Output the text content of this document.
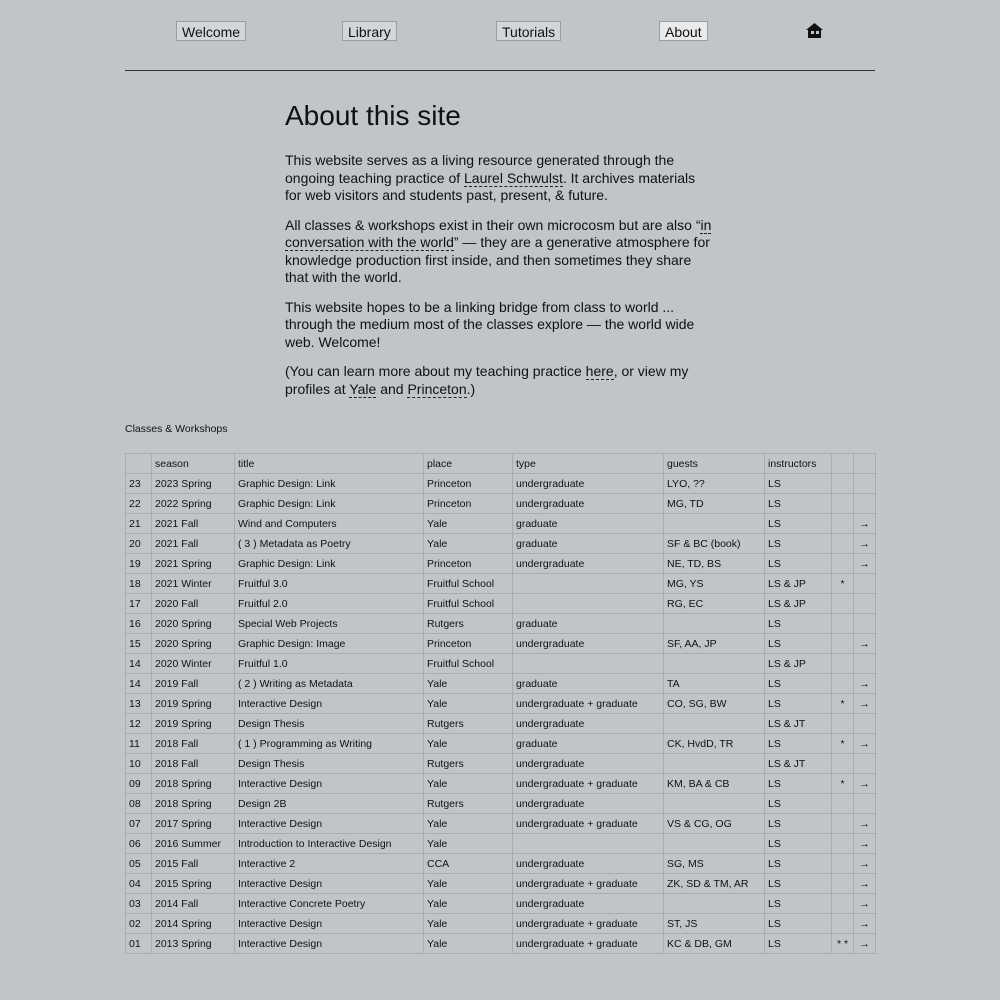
Welcome	Library	Tutorials	About
About this site

This website serves as a living resource generated through the ongoing teaching practice of Laurel Schwulst. It archives materials for web visitors and students past, present, & future.

All classes & workshops exist in their own microcosm but are also “in conversation with the world” — they are a generative atmosphere for knowledge production first inside, and then sometimes they share that with the world.

This website hopes to be a linking bridge from class to world ... through the medium most of the classes explore — the world wide web. Welcome!

(You can learn more about my teaching practice here, or view my profiles at Yale and Princeton.)

Classes & Workshops
	season	title	place	type	guests	instructors		
23	2023 Spring	Graphic Design: Link	Princeton	undergraduate	LYO, ??	LS		
22	2022 Spring	Graphic Design: Link	Princeton	undergraduate	MG, TD	LS		
21	2021 Fall	Wind and Computers	Yale	graduate		LS		→
20	2021 Fall	( 3 ) Metadata as Poetry	Yale	graduate	SF & BC (book)	LS		→
19	2021 Spring	Graphic Design: Link	Princeton	undergraduate	NE, TD, BS	LS		→
18	2021 Winter	Fruitful 3.0	Fruitful School		MG, YS	LS & JP	*	
17	2020 Fall	Fruitful 2.0	Fruitful School		RG, EC	LS & JP		
16	2020 Spring	Special Web Projects	Rutgers	graduate		LS		
15	2020 Spring	Graphic Design: Image	Princeton	undergraduate	SF, AA, JP	LS		→
14	2020 Winter	Fruitful 1.0	Fruitful School			LS & JP		
14	2019 Fall	( 2 ) Writing as Metadata	Yale	graduate	TA	LS		→
13	2019 Spring	Interactive Design	Yale	undergraduate + graduate	CO, SG, BW	LS	*	→
12	2019 Spring	Design Thesis	Rutgers	undergraduate		LS & JT		
11	2018 Fall	( 1 ) Programming as Writing	Yale	graduate	CK, HvdD, TR	LS	*	→
10	2018 Fall	Design Thesis	Rutgers	undergraduate		LS & JT		
09	2018 Spring	Interactive Design	Yale	undergraduate + graduate	KM, BA & CB	LS	*	→
08	2018 Spring	Design 2B	Rutgers	undergraduate		LS		
07	2017 Spring	Interactive Design	Yale	undergraduate + graduate	VS & CG, OG	LS		→
06	2016 Summer	Introduction to Interactive Design	Yale			LS		→
05	2015 Fall	Interactive 2	CCA	undergraduate	SG, MS	LS		→
04	2015 Spring	Interactive Design	Yale	undergraduate + graduate	ZK, SD & TM, AR	LS		→
03	2014 Fall	Interactive Concrete Poetry	Yale	undergraduate		LS		→
02	2014 Spring	Interactive Design	Yale	undergraduate + graduate	ST, JS	LS		→
01	2013 Spring	Interactive Design	Yale	undergraduate + graduate	KC & DB, GM	LS	* *	→
